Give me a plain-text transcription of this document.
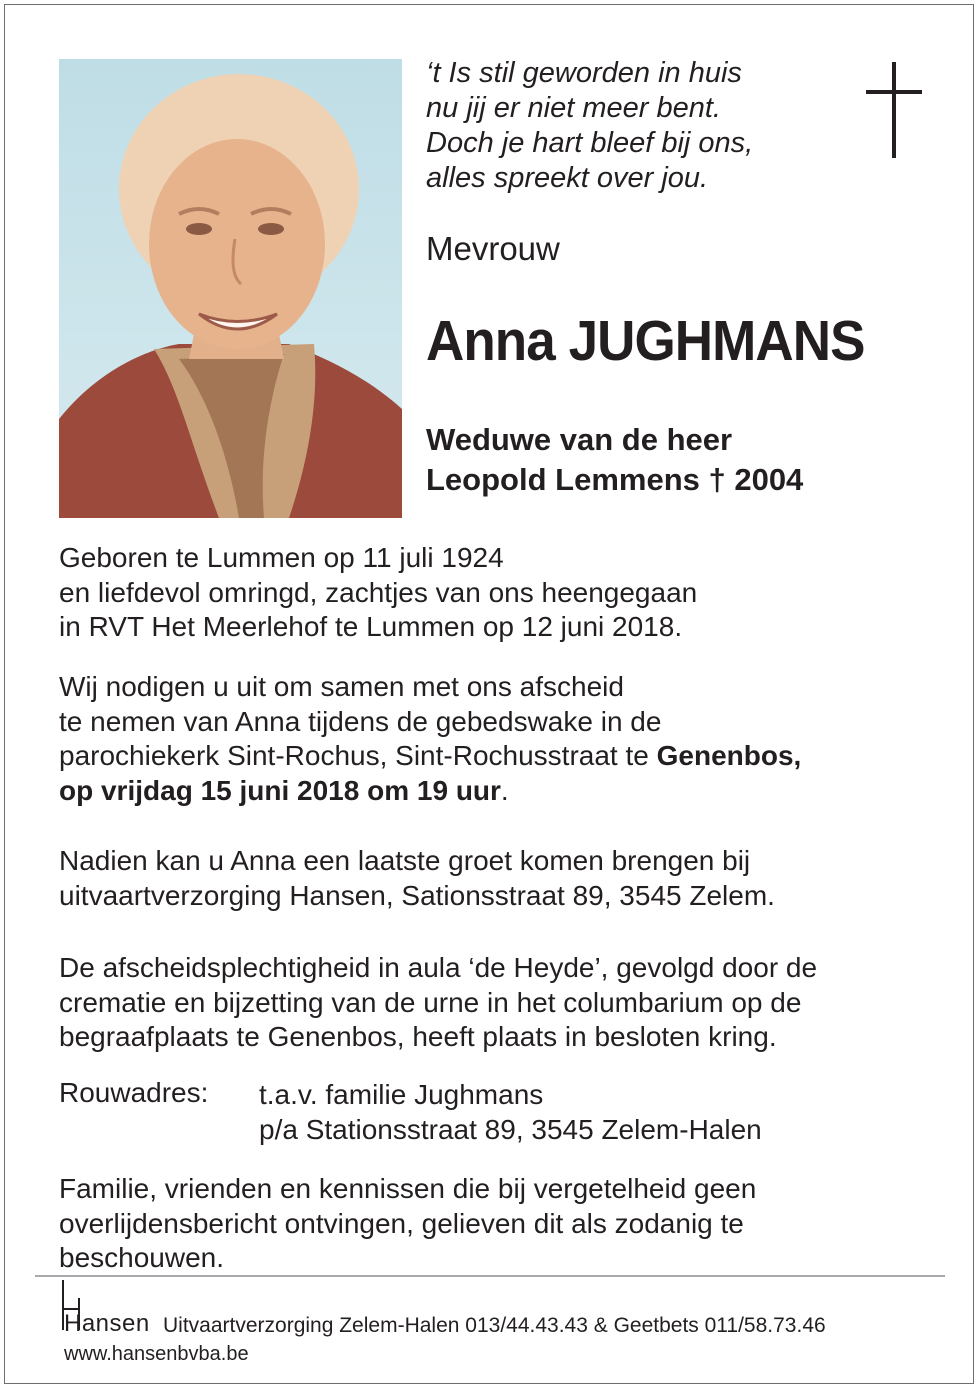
‘t Is stil geworden in huis
nu jij er niet meer bent.
Doch je hart bleef bij ons,
alles spreekt over jou.
Mevrouw
Anna JUGHMANS
Weduwe van de heer
Leopold Lemmens † 2004
Geboren te Lummen op 11 juli 1924
en liefdevol omringd, zachtjes van ons heengegaan
in RVT Het Meerlehof te Lummen op 12 juni 2018.
Wij nodigen u uit om samen met ons afscheid
te nemen van Anna tijdens de gebedswake in de
parochiekerk Sint-Rochus, Sint-Rochusstraat te Genenbos,
op vrijdag 15 juni 2018 om 19 uur.
Nadien kan u Anna een laatste groet komen brengen bij
uitvaartverzorging Hansen, Sationsstraat 89, 3545 Zelem.
De afscheidsplechtigheid in aula ‘de Heyde’, gevolgd door de
crematie en bijzetting van de urne in het columbarium op de
begraafplaats te Genenbos, heeft plaats in besloten kring.
Rouwadres: t.a.v. familie Jughmans
p/a Stationsstraat 89, 3545 Zelem-Halen
Familie, vrienden en kennissen die bij vergetelheid geen
overlijdensbericht ontvingen, gelieven dit als zodanig te
beschouwen.
Hansen Uitvaartverzorging Zelem-Halen 013/44.43.43 & Geetbets 011/58.73.46
www.hansenbvba.be
